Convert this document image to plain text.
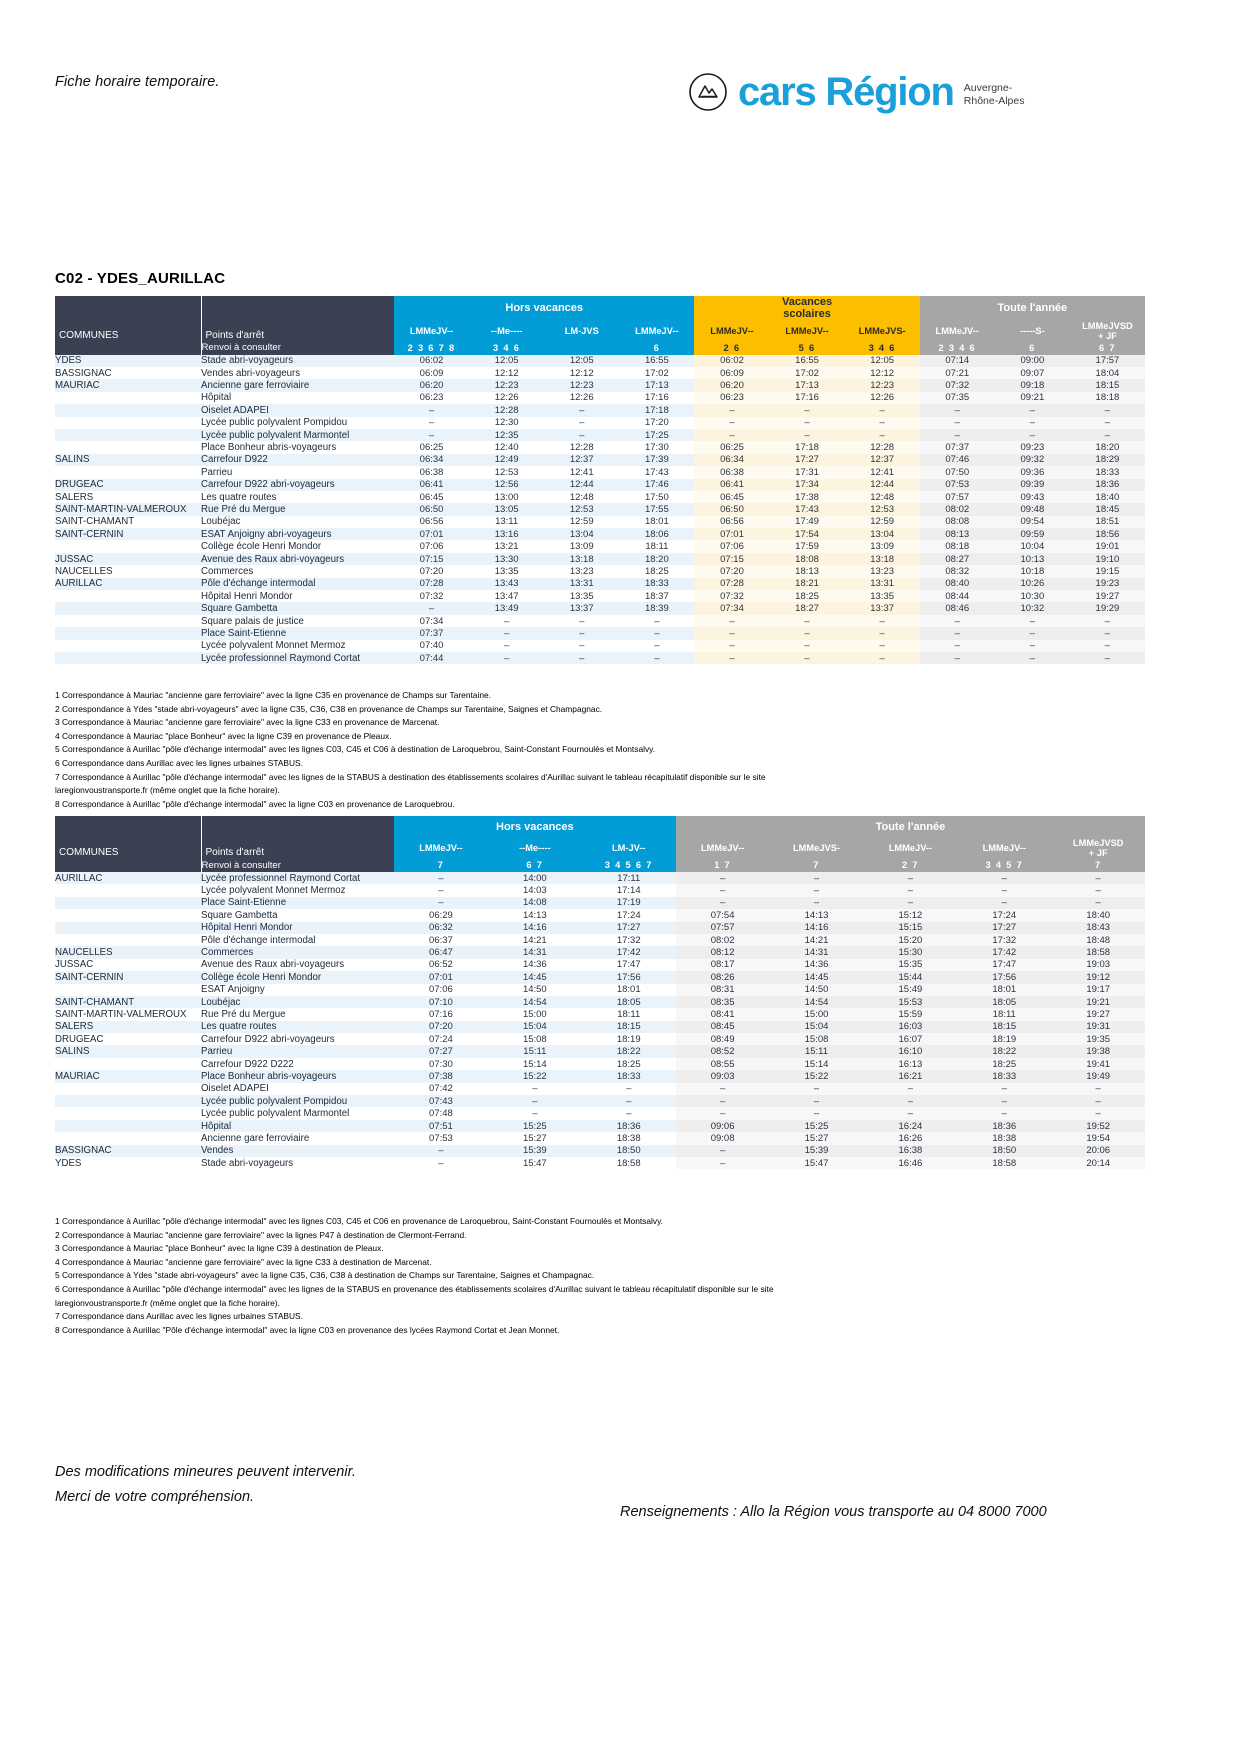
Fiche horaire temporaire.	cars Région Auvergne-
Rhône-Alpes
C02 - YDES_AURILLAC
COMMUNES	Points d'arrêt	Hors vacances				Vacances
scolaires			Toute l'année		
		LMMeJV--	--Me----	LM-JVS	LMMeJV--	LMMeJV--	LMMeJV--	LMMeJVS-	LMMeJV--	-----S-	LMMeJVSD
+ JF
	Renvoi à consulter	2 3 6 7 8	3 4 6		6	2 6	5 6	3 4 6	2 3 4 6	6	6 7
YDES	Stade abri-voyageurs	06:02	12:05	12:05	16:55	06:02	16:55	12:05	07:14	09:00	17:57
BASSIGNAC	Vendes abri-voyageurs	06:09	12:12	12:12	17:02	06:09	17:02	12:12	07:21	09:07	18:04
MAURIAC	Ancienne gare ferroviaire	06:20	12:23	12:23	17:13	06:20	17:13	12:23	07:32	09:18	18:15
	Hôpital	06:23	12:26	12:26	17:16	06:23	17:16	12:26	07:35	09:21	18:18
	Oiselet ADAPEI	–	12:28	–	17:18	–	–	–	–	–	–
	Lycée public polyvalent Pompidou	–	12:30	–	17:20	–	–	–	–	–	–
	Lycée public polyvalent Marmontel	–	12:35	–	17:25	–	–	–	–	–	–
	Place Bonheur abris-voyageurs	06:25	12:40	12:28	17:30	06:25	17:18	12:28	07:37	09:23	18:20
SALINS	Carrefour D922	06:34	12:49	12:37	17:39	06:34	17:27	12:37	07:46	09:32	18:29
	Parrieu	06:38	12:53	12:41	17:43	06:38	17:31	12:41	07:50	09:36	18:33
DRUGEAC	Carrefour D922 abri-voyageurs	06:41	12:56	12:44	17:46	06:41	17:34	12:44	07:53	09:39	18:36
SALERS	Les quatre routes	06:45	13:00	12:48	17:50	06:45	17:38	12:48	07:57	09:43	18:40
SAINT-MARTIN-VALMEROUX	Rue Pré du Mergue	06:50	13:05	12:53	17:55	06:50	17:43	12:53	08:02	09:48	18:45
SAINT-CHAMANT	Loubéjac	06:56	13:11	12:59	18:01	06:56	17:49	12:59	08:08	09:54	18:51
SAINT-CERNIN	ESAT Anjoigny abri-voyageurs	07:01	13:16	13:04	18:06	07:01	17:54	13:04	08:13	09:59	18:56
	Collège école Henri Mondor	07:06	13:21	13:09	18:11	07:06	17:59	13:09	08:18	10:04	19:01
JUSSAC	Avenue des Raux abri-voyageurs	07:15	13:30	13:18	18:20	07:15	18:08	13:18	08:27	10:13	19:10
NAUCELLES	Commerces	07:20	13:35	13:23	18:25	07:20	18:13	13:23	08:32	10:18	19:15
AURILLAC	Pôle d'échange intermodal	07:28	13:43	13:31	18:33	07:28	18:21	13:31	08:40	10:26	19:23
	Hôpital Henri Mondor	07:32	13:47	13:35	18:37	07:32	18:25	13:35	08:44	10:30	19:27
	Square Gambetta	–	13:49	13:37	18:39	07:34	18:27	13:37	08:46	10:32	19:29
	Square palais de justice	07:34	–	–	–	–	–	–	–	–	–
	Place Saint-Etienne	07:37	–	–	–	–	–	–	–	–	–
	Lycée polyvalent Monnet Mermoz	07:40	–	–	–	–	–	–	–	–	–
	Lycée professionnel Raymond Cortat	07:44	–	–	–	–	–	–	–	–	–
1 Correspondance à Mauriac "ancienne gare ferroviaire" avec la ligne C35 en provenance de Champs sur Tarentaine.
2 Correspondance à Ydes "stade abri-voyageurs" avec la ligne C35, C36, C38 en provenance de Champs sur Tarentaine, Saignes et Champagnac.
3 Correspondance à Mauriac "ancienne gare ferroviaire" avec la ligne C33 en provenance de Marcenat.
4 Correspondance à Mauriac "place Bonheur" avec la ligne C39 en provenance de Pleaux.
5 Correspondance à Aurillac "pôle d'échange intermodal" avec les lignes C03, C45 et C06 à destination de Laroquebrou, Saint-Constant Fournoulès et Montsalvy.
6 Correspondance dans Aurillac avec les lignes urbaines STABUS.
7 Correspondance à Aurillac "pôle d'échange intermodal" avec les lignes de la STABUS à destination des établissements scolaires d'Aurillac suivant le tableau récapitulatif disponible sur le site
laregionvoustransporte.fr (même onglet que la fiche horaire).
8 Correspondance à Aurillac "pôle d'échange intermodal" avec la ligne C03 en provenance de Laroquebrou.
COMMUNES	Points d'arrêt	Hors vacances			Toute l'année				
		LMMeJV--	--Me----	LM-JV--	LMMeJV--	LMMeJVS-	LMMeJV--	LMMeJV--	LMMeJVSD
+ JF
	Renvoi à consulter	7	6 7	3 4 5 6 7	1 7	7	2 7	3 4 5 7	7
AURILLAC	Lycée professionnel Raymond Cortat	–	14:00	17:11	–	–	–	–	–
	Lycée polyvalent Monnet Mermoz	–	14:03	17:14	–	–	–	–	–
	Place Saint-Etienne	–	14:08	17:19	–	–	–	–	–
	Square Gambetta	06:29	14:13	17:24	07:54	14:13	15:12	17:24	18:40
	Hôpital Henri Mondor	06:32	14:16	17:27	07:57	14:16	15:15	17:27	18:43
	Pôle d'échange intermodal	06:37	14:21	17:32	08:02	14:21	15:20	17:32	18:48
NAUCELLES	Commerces	06:47	14:31	17:42	08:12	14:31	15:30	17:42	18:58
JUSSAC	Avenue des Raux abri-voyageurs	06:52	14:36	17:47	08:17	14:36	15:35	17:47	19:03
SAINT-CERNIN	Collège école Henri Mondor	07:01	14:45	17:56	08:26	14:45	15:44	17:56	19:12
	ESAT Anjoigny	07:06	14:50	18:01	08:31	14:50	15:49	18:01	19:17
SAINT-CHAMANT	Loubéjac	07:10	14:54	18:05	08:35	14:54	15:53	18:05	19:21
SAINT-MARTIN-VALMEROUX	Rue Pré du Mergue	07:16	15:00	18:11	08:41	15:00	15:59	18:11	19:27
SALERS	Les quatre routes	07:20	15:04	18:15	08:45	15:04	16:03	18:15	19:31
DRUGEAC	Carrefour D922 abri-voyageurs	07:24	15:08	18:19	08:49	15:08	16:07	18:19	19:35
SALINS	Parrieu	07:27	15:11	18:22	08:52	15:11	16:10	18:22	19:38
	Carrefour D922 D222	07:30	15:14	18:25	08:55	15:14	16:13	18:25	19:41
MAURIAC	Place Bonheur abris-voyageurs	07:38	15:22	18:33	09:03	15:22	16:21	18:33	19:49
	Oiselet ADAPEI	07:42	–	–	–	–	–	–	–
	Lycée public polyvalent Pompidou	07:43	–	–	–	–	–	–	–
	Lycée public polyvalent Marmontel	07:48	–	–	–	–	–	–	–
	Hôpital	07:51	15:25	18:36	09:06	15:25	16:24	18:36	19:52
	Ancienne gare ferroviaire	07:53	15:27	18:38	09:08	15:27	16:26	18:38	19:54
BASSIGNAC	Vendes	–	15:39	18:50	–	15:39	16:38	18:50	20:06
YDES	Stade abri-voyageurs	–	15:47	18:58	–	15:47	16:46	18:58	20:14
1 Correspondance à Aurillac "pôle d'échange intermodal" avec les lignes C03, C45 et C06 en provenance de Laroquebrou, Saint-Constant Fournoulès et Montsalvy.
2 Correspondance à Mauriac "ancienne gare ferroviaire" avec la lignes P47 à destination de Clermont-Ferrand.
3 Correspondance à Mauriac "place Bonheur" avec la ligne C39 à destination de Pleaux.
4 Correspondance à Mauriac "ancienne gare ferroviaire" avec la ligne C33 à destination de Marcenat.
5 Correspondance à Ydes "stade abri-voyageurs" avec la ligne C35, C36, C38 à destination de Champs sur Tarentaine, Saignes et Champagnac.
6 Correspondance à Aurillac "pôle d'échange intermodal" avec les lignes de la STABUS en provenance des établissements scolaires d'Aurillac suivant le tableau récapitulatif disponible sur le site
laregionvoustransporte.fr (même onglet que la fiche horaire).
7 Correspondance dans Aurillac avec les lignes urbaines STABUS.
8 Correspondance à Aurillac "Pôle d'échange intermodal" avec la ligne C03 en provenance des lycées Raymond Cortat et Jean Monnet.
Des modifications mineures peuvent intervenir.
Merci de votre compréhension.
Renseignements : Allo la Région vous transporte au 04 8000 7000
